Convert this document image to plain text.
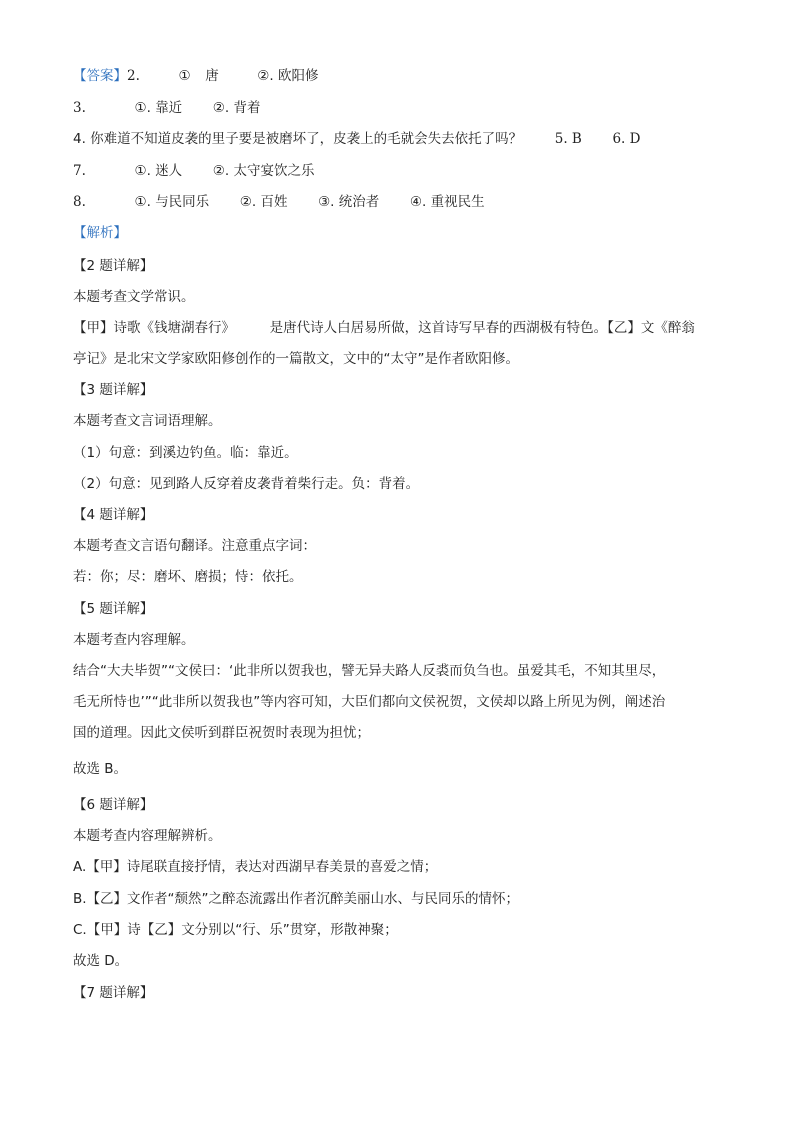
【答案】2.	① 唐	②. 欧阳修
3.	①. 靠近 ②. 背着
4. 你难道不知道皮袭的里子要是被磨坏了，皮袭上的毛就会失去依托了吗？ 5. B 6. D
7.	①. 迷人 ②. 太守宴饮之乐
8.	①. 与民同乐 ②. 百姓 ③. 统治者 ④. 重视民生
【解析】
【2 题详解】
本题考查文学常识。
【甲】诗歌《钱塘湖春行》	是唐代诗人白居易所做，这首诗写早春的西湖极有特色。【乙】文《醉翁
亭记》是北宋文学家欧阳修创作的一篇散文，文中的“太守”是作者欧阳修。
【3 题详解】
本题考查文言词语理解。
（1）句意：到溪边钓鱼。临：靠近。
（2）句意：见到路人反穿着皮袭背着柴行走。负：背着。
【4 题详解】
本题考查文言语句翻译。注意重点字词：
若：你；尽：磨坏、磨损；恃：依托。
【5 题详解】
本题考查内容理解。
结合“大夫毕贺”“文侯曰：‘此非所以贺我也，譬无异夫路人反裘而负刍也。虽爱其毛，不知其里尽，
毛无所恃也’”“此非所以贺我也”等内容可知，大臣们都向文侯祝贺，文侯却以路上所见为例，阐述治
国的道理。因此文侯听到群臣祝贺时表现为担忧；
故选 B。
【6 题详解】
本题考查内容理解辨析。
A.【甲】诗尾联直接抒情，表达对西湖早春美景的喜爱之情；
B.【乙】文作者“颓然”之醉态流露出作者沉醉美丽山水、与民同乐的情怀；
C.【甲】诗【乙】文分别以“行、乐”贯穿，形散神聚；
故选 D。
【7 题详解】
